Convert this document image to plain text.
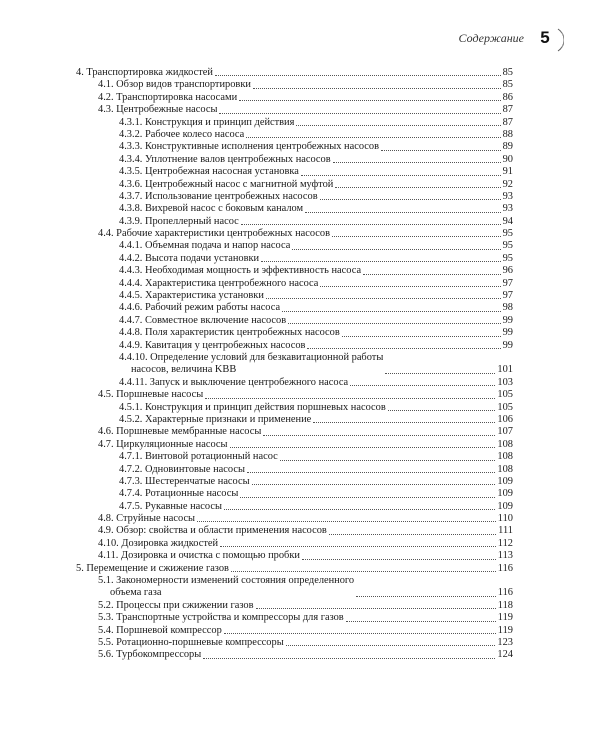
Содержание 5
4. Транспортировка жидкостей	85
4.1. Обзор видов транспортировки	85
4.2. Транспортировка насосами	86
4.3. Центробежные насосы	87
4.3.1. Конструкция и принцип действия	87
4.3.2. Рабочее колесо насоса	88
4.3.3. Конструктивные исполнения центробежных насосов	89
4.3.4. Уплотнение валов центробежных насосов	90
4.3.5. Центробежная насосная установка	91
4.3.6. Центробежный насос с магнитной муфтой	92
4.3.7. Использование центробежных насосов	93
4.3.8. Вихревой насос с боковым каналом	93
4.3.9. Пропеллерный насос	94
4.4. Рабочие характеристики центробежных насосов	95
4.4.1. Объемная подача и напор насоса	95
4.4.2. Высота подачи установки	95
4.4.3. Необходимая мощность и эффективность насоса	96
4.4.4. Характеристика центробежного насоса	97
4.4.5. Характеристика установки	97
4.4.6. Рабочий режим работы насоса	98
4.4.7. Совместное включение насосов	99
4.4.8. Поля характеристик центробежных насосов	99
4.4.9. Кавитация у центробежных насосов	99
4.4.10. Определение условий для безкавитационной работы
насосов, величина KBB	101
4.4.11. Запуск и выключение центробежного насоса	103
4.5. Поршневые насосы	105
4.5.1. Конструкция и принцип действия поршневых насосов	105
4.5.2. Характерные признаки и применение	106
4.6. Поршневые мембранные насосы	107
4.7. Циркуляционные насосы	108
4.7.1. Винтовой ротационный насос	108
4.7.2. Одновинтовые насосы	108
4.7.3. Шестеренчатые насосы	109
4.7.4. Ротационные насосы	109
4.7.5. Рукавные насосы	109
4.8. Струйные насосы	110
4.9. Обзор: свойства и области применения насосов	111
4.10. Дозировка жидкостей	112
4.11. Дозировка и очистка с помощью пробки	113
5. Перемещение и сжижение газов	116
5.1. Закономерности изменений состояния определенного
объема газа	116
5.2. Процессы при сжижении газов	118
5.3. Транспортные устройства и компрессоры для газов	119
5.4. Поршневой компрессор	119
5.5. Ротационно-поршневые компрессоры	123
5.6. Турбокомпрессоры	124
